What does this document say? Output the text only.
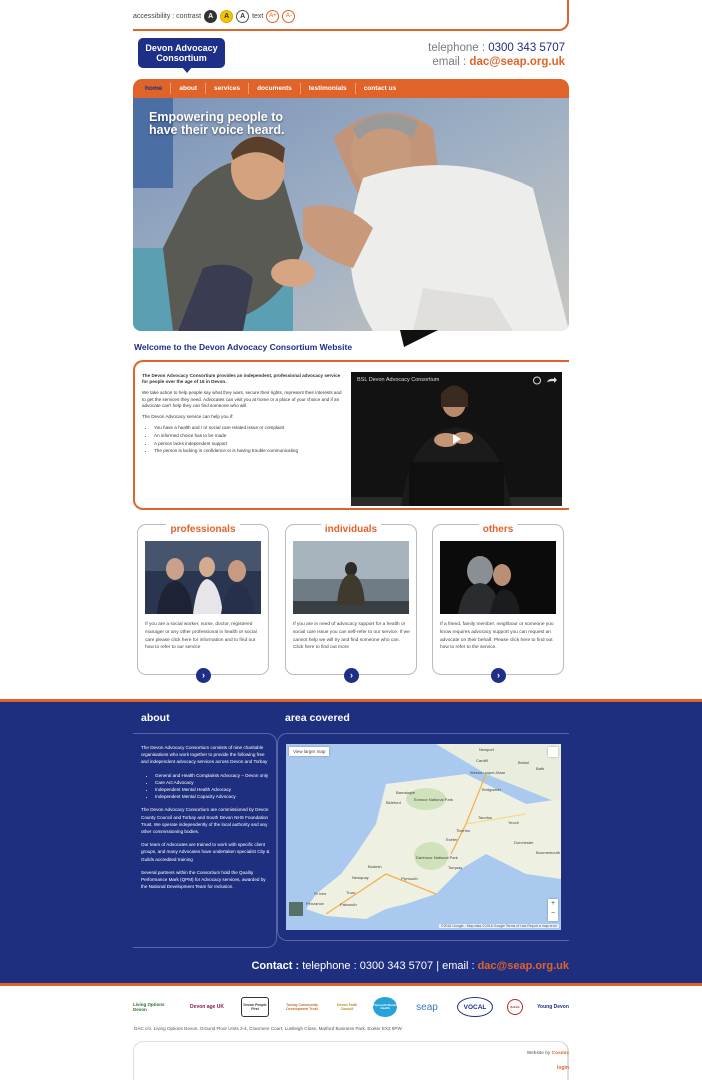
accessibility : contrast A	A	A text A+	A-
Devon Advocacy
Consortium
telephone : 0300 343 5707
email : dac@seap.org.uk
home	about	services	documents	testimonials	contact us
Empowering people to
have their voice heard.
Welcome to the Devon Advocacy Consortium Website

The Devon Advocacy Consortium provides an independent, professional advocacy service for people over the age of 16 in Devon.

We take action to help people say what they want, secure their rights, represent their interests and to get the services they need. Advocates can visit you at home or a place of your choice and if an advocate can't help they can find someone who will.

The Devon Advocacy service can help you if:

• You have a health and / or social care related issue or complaint
• An informed choice has to be made
• A person lacks independent support
• The person is lacking in confidence or is having trouble communicating
BSL Devon Advocacy Consortium
professionals
If you are a social worker, nurse, doctor, registered manager or any other professional in health or social care please click here for information and to find out how to refer to our service
›
individuals
If you are in need of advocacy support for a health or social care issue you can self-refer to our service. If we cannot help we will try and find someone who can. Click here to find out more
›
others
If a friend, family member, neighbour or someone you know requires advocacy support you can request an advocate on their behalf. Please click here to find out how to refer to the service.
›
about	area covered

The Devon Advocacy Consortium consists of nine charitable organisations who work together to provide the following free and independent advocacy services across Devon and Torbay

• General and Health Complaints Advocacy – Devon only
• Care Act Advocacy
• Independent Mental Health Advocacy
• Independent Mental Capacity Advocacy

The Devon Advocacy Consortium are commissioned by Devon County Council and Torbay and South Devon NHS Foundation Trust. We operate independently of the local authority and any other commissioning bodies.

Our team of Advocates are trained to work with specific client groups, and many Advocates have undertaken specialist City & Guilds accredited training

Several partners within the Consortium hold the Quality Performance Mark (QPM) for Advocacy services, awarded by the National Development Team for Inclusion.

Newport
Cardiff	Bristol
Bath
Weston-super-Mare
Barnstaple
Bideford
Exmoor National Park
Taunton
Exeter
Dartmoor National Park
Torquay
Plymouth
Truro
Falmouth
St Ives
Penzance
Bodmin
Yeovil
Dorchester
Bournemouth
Bridgwater
Tiverton
Newquay
View larger map
+
−
©2016 Google - Map data ©2016 Google Terms of Use Report a map error
Contact : telephone : 0300 343 5707 | email : dac@seap.org.uk
Living Options Devon	Devon age UK	Devon People First
Torbay Community Development Trust
Devon Faith Council
Plymouth Mental Health	seap	VOCAL	Rethink	Young Devon
DAC c/o. Living Options Devon, Ground Floor Units 3-4, Cranmere Court, Lustleigh Close, Matford Business Park, Exeter EX2 8PW
Website by Cosmic
login
